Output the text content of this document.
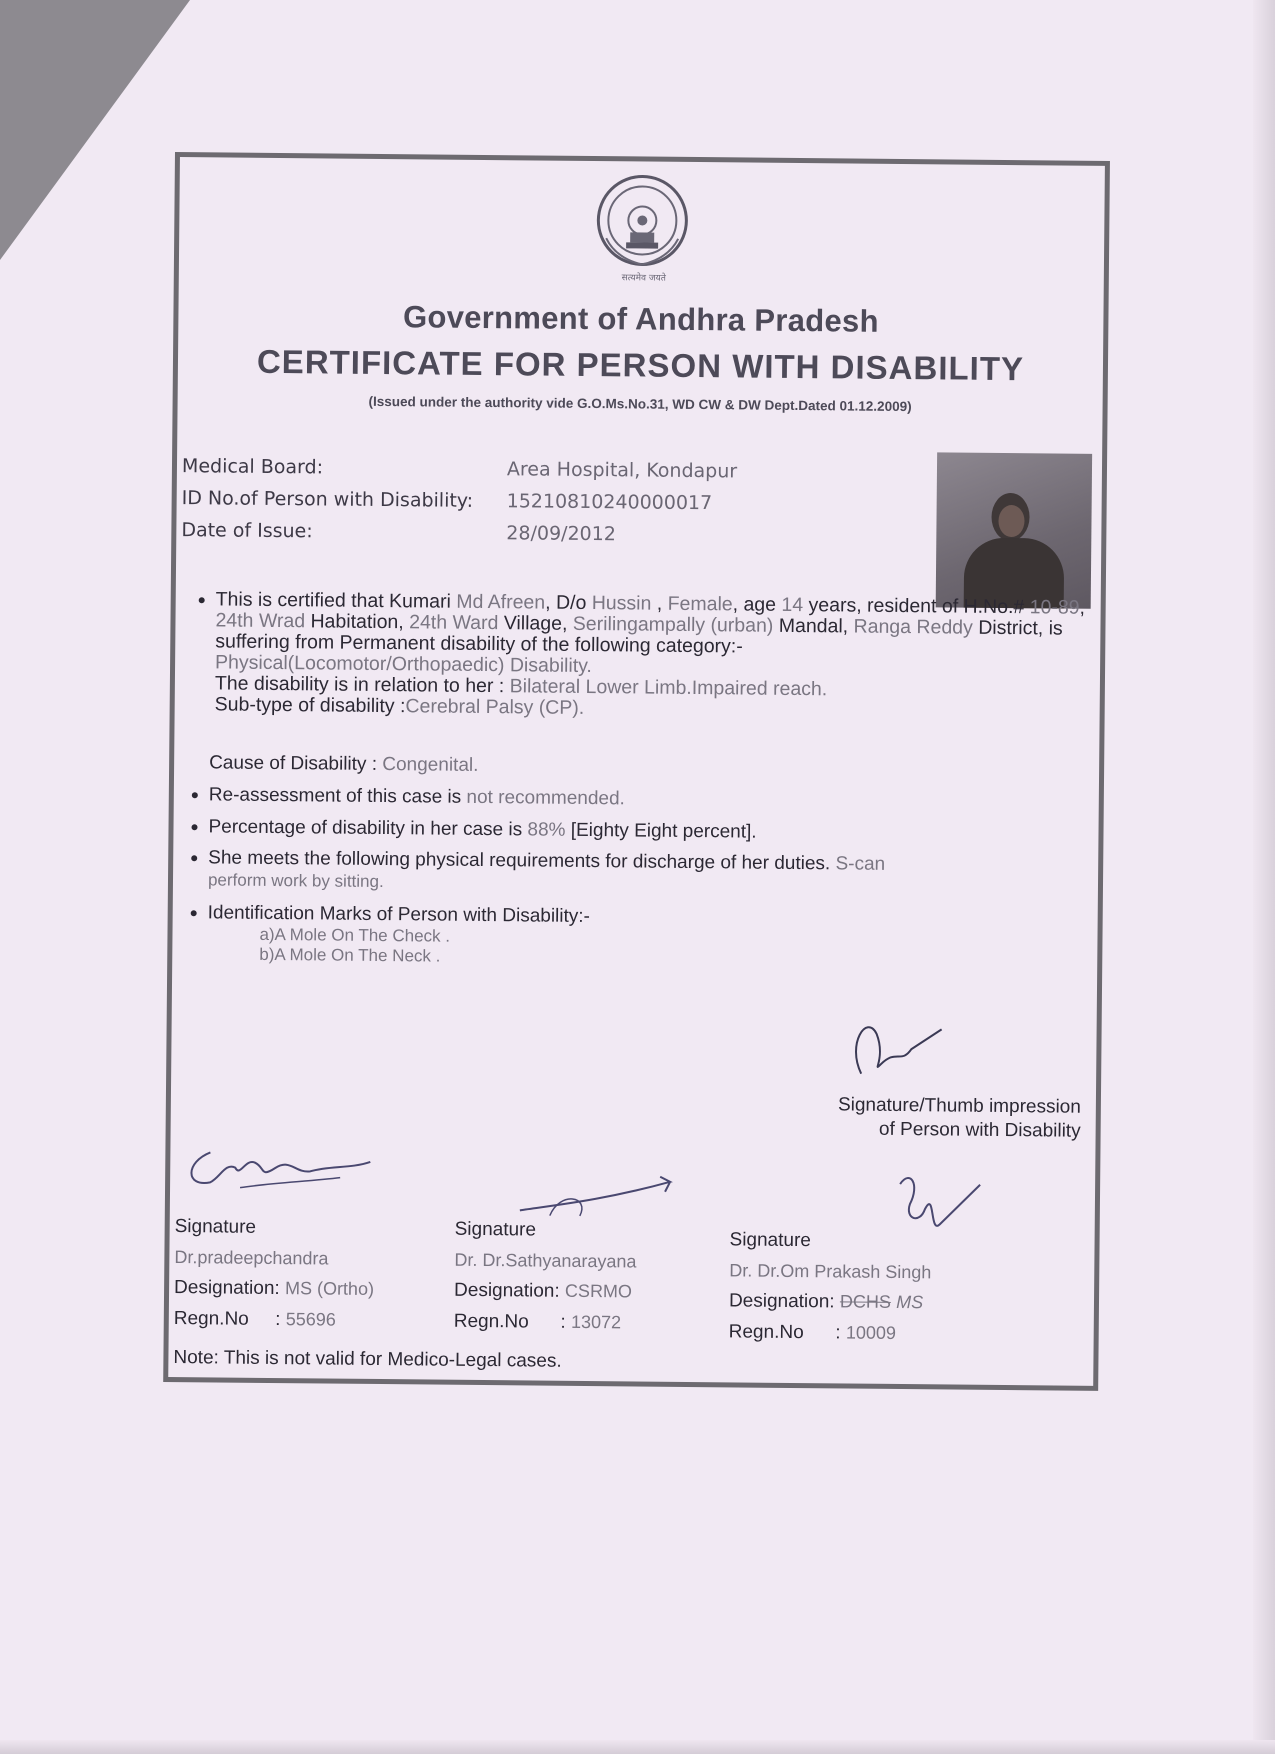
सत्यमेव जयते
Government of Andhra Pradesh
CERTIFICATE FOR PERSON WITH DISABILITY
(Issued under the authority vide G.O.Ms.No.31, WD CW & DW Dept.Dated 01.12.2009)
Medical Board:	Area Hospital, Kondapur
ID No.of Person with Disability: 15210810240000017
Date of Issue:	28/09/2012
This is certified that Kumari Md Afreen, D/o Hussin , Female, age 14 years, resident of H.No.# 10-89, 24th Wrad Habitation, 24th Ward Village, Serilingampally (urban) Mandal, Ranga Reddy District, is suffering from Permanent disability of the following category:-
Physical(Locomotor/Orthopaedic) Disability.
The disability is in relation to her : Bilateral Lower Limb.Impaired reach.
Sub-type of disability :Cerebral Palsy (CP).
Cause of Disability : Congenital.
Re-assessment of this case is not recommended.
Percentage of disability in her case is 88% [Eighty Eight percent].
She meets the following physical requirements for discharge of her duties. S-can
perform work by sitting.
Identification Marks of Person with Disability:-
a)A Mole On The Check .
b)A Mole On The Neck .
Signature/Thumb impression
of Person with Disability
Signature
Dr.pradeepchandra
Designation: MS (Ortho)
Regn.No     : 55696
Signature
Dr. Dr.Sathyanarayana
Designation: CSRMO
Regn.No      : 13072
Signature
Dr. Dr.Om Prakash Singh
Designation: DCHS MS
Regn.No      : 10009
Note: This is not valid for Medico-Legal cases.
